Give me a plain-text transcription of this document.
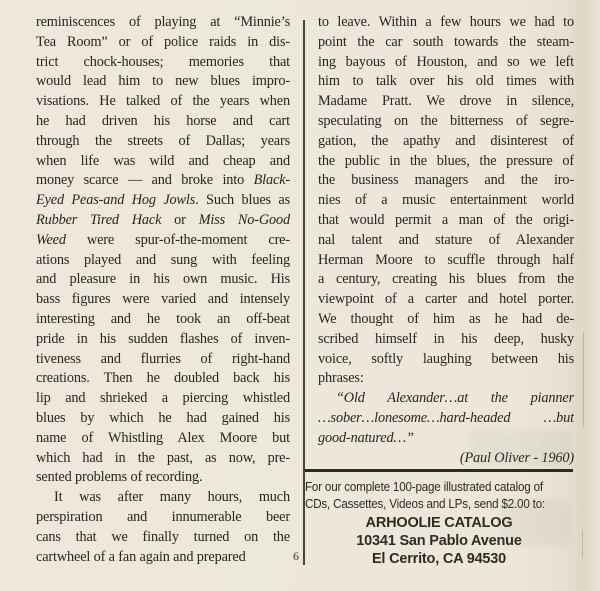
reminiscences of playing at “Minnie’s
Tea Room” or of police raids in dis-
trict chock-houses; memories that
would lead him to new blues impro-
visations. He talked of the years when
he had driven his horse and cart
through the streets of Dallas; years
when life was wild and cheap and
money scarce — and broke into Black-
Eyed Peas-and Hog Jowls. Such blues as
Rubber Tired Hack or Miss No-Good
Weed were spur-of-the-moment cre-
ations played and sung with feeling
and pleasure in his own music. His
bass figures were varied and intensely
interesting and he took an off-beat
pride in his sudden flashes of inven-
tiveness and flurries of right-hand
creations. Then he doubled back his
lip and shrieked a piercing whistled
blues by which he had gained his
name of Whistling Alex Moore but
which had in the past, as now, pre-
sented problems of recording.
It was after many hours, much
perspiration and innumerable beer
cans that we finally turned on the
cartwheel of a fan again and prepared
to leave. Within a few hours we had to
point the car south towards the steam-
ing bayous of Houston, and so we left
him to talk over his old times with
Madame Pratt. We drove in silence,
speculating on the bitterness of segre-
gation, the apathy and disinterest of
the public in the blues, the pressure of
the business managers and the iro-
nies of a music entertainment world
that would permit a man of the origi-
nal talent and stature of Alexander
Herman Moore to scuffle through half
a century, creating his blues from the
viewpoint of a carter and hotel porter.
We thought of him as he had de-
scribed himself in his deep, husky
voice, softly laughing between his
phrases:
“Old Alexander…at the pianner
…sober…lonesome…hard-headed …but
good-natured…”
(Paul Oliver - 1960)
6
For our complete 100-page illustrated catalog of
CDs, Cassettes, Videos and LPs, send $2.00 to:
ARHOOLIE CATALOG
10341 San Pablo Avenue
El Cerrito, CA 94530
